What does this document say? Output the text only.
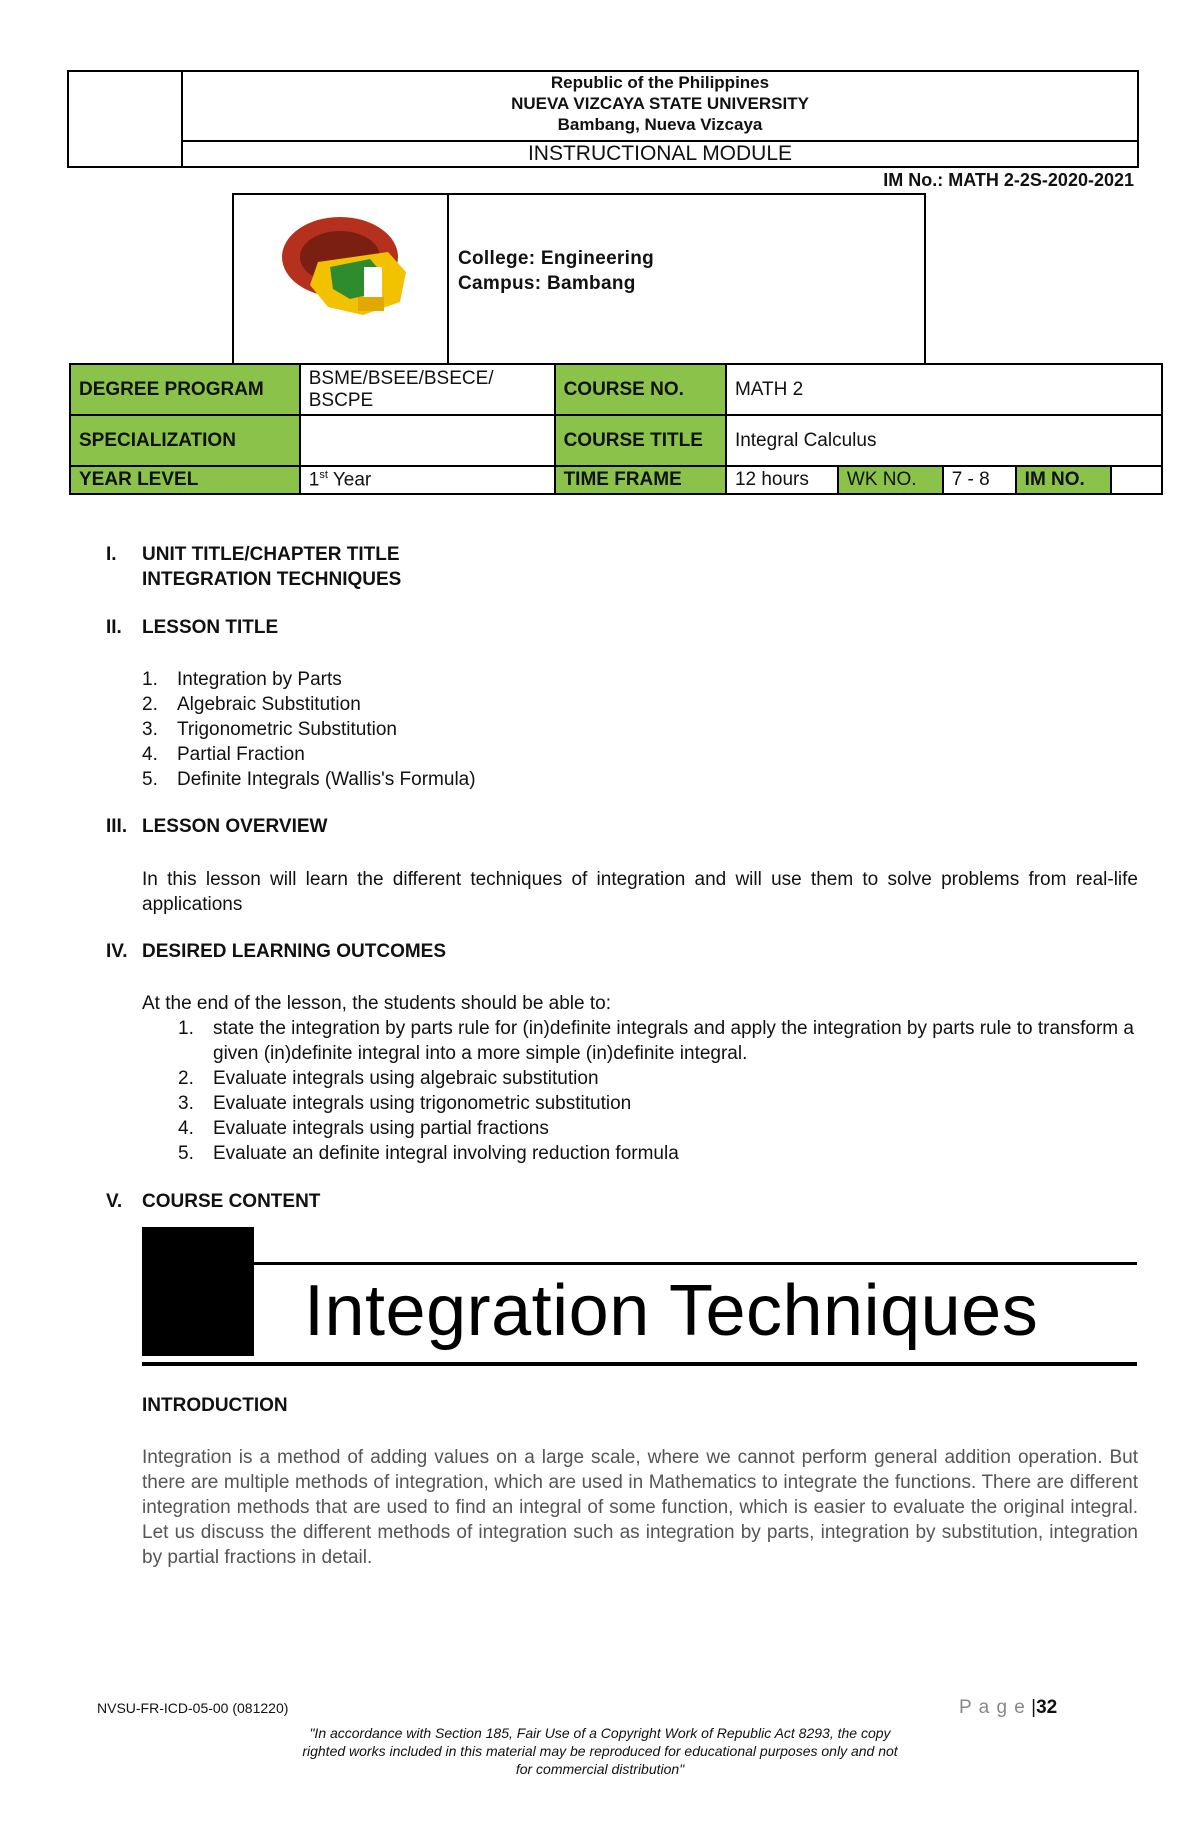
Republic of the Philippines
NUEVA VIZCAYA STATE UNIVERSITY
Bambang, Nueva Vizcaya
INSTRUCTIONAL MODULE
IM No.: MATH 2-2S-2020-2021
College: Engineering
Campus: Bambang
DEGREE PROGRAM	BSME/BSEE/BSECE/ BSCPE	COURSE NO.	MATH 2				
SPECIALIZATION		COURSE TITLE	Integral Calculus				
YEAR LEVEL	1st Year	TIME FRAME	12 hours	WK NO.	7 - 8	IM NO.	
I. UNIT TITLE/CHAPTER TITLE
INTEGRATION TECHNIQUES
II. LESSON TITLE
1. Integration by Parts
2. Algebraic Substitution
3. Trigonometric Substitution
4. Partial Fraction
5. Definite Integrals (Wallis's Formula)
III. LESSON OVERVIEW
In this lesson will learn the different techniques of integration and will use them to solve problems from real-life applications
IV. DESIRED LEARNING OUTCOMES
At the end of the lesson, the students should be able to:
1.	state the integration by parts rule for (in)definite integrals and apply the integration by parts rule to transform a given (in)definite integral into a more simple (in)definite integral.
2.	Evaluate integrals using algebraic substitution
3.	Evaluate integrals using trigonometric substitution
4.	Evaluate integrals using partial fractions
5.	Evaluate an definite integral involving reduction formula
V. COURSE CONTENT
Integration Techniques
INTRODUCTION
Integration is a method of adding values on a large scale, where we cannot perform general addition operation. But there are multiple methods of integration, which are used in Mathematics to integrate the functions. There are different integration methods that are used to find an integral of some function, which is easier to evaluate the original integral. Let us discuss the different methods of integration such as integration by parts, integration by substitution, integration by partial fractions in detail.
NVSU-FR-ICD-05-00 (081220)	P a g e |32
"In accordance with Section 185, Fair Use of a Copyright Work of Republic Act 8293, the copy righted works included in this material may be reproduced for educational purposes only and not for commercial distribution"
